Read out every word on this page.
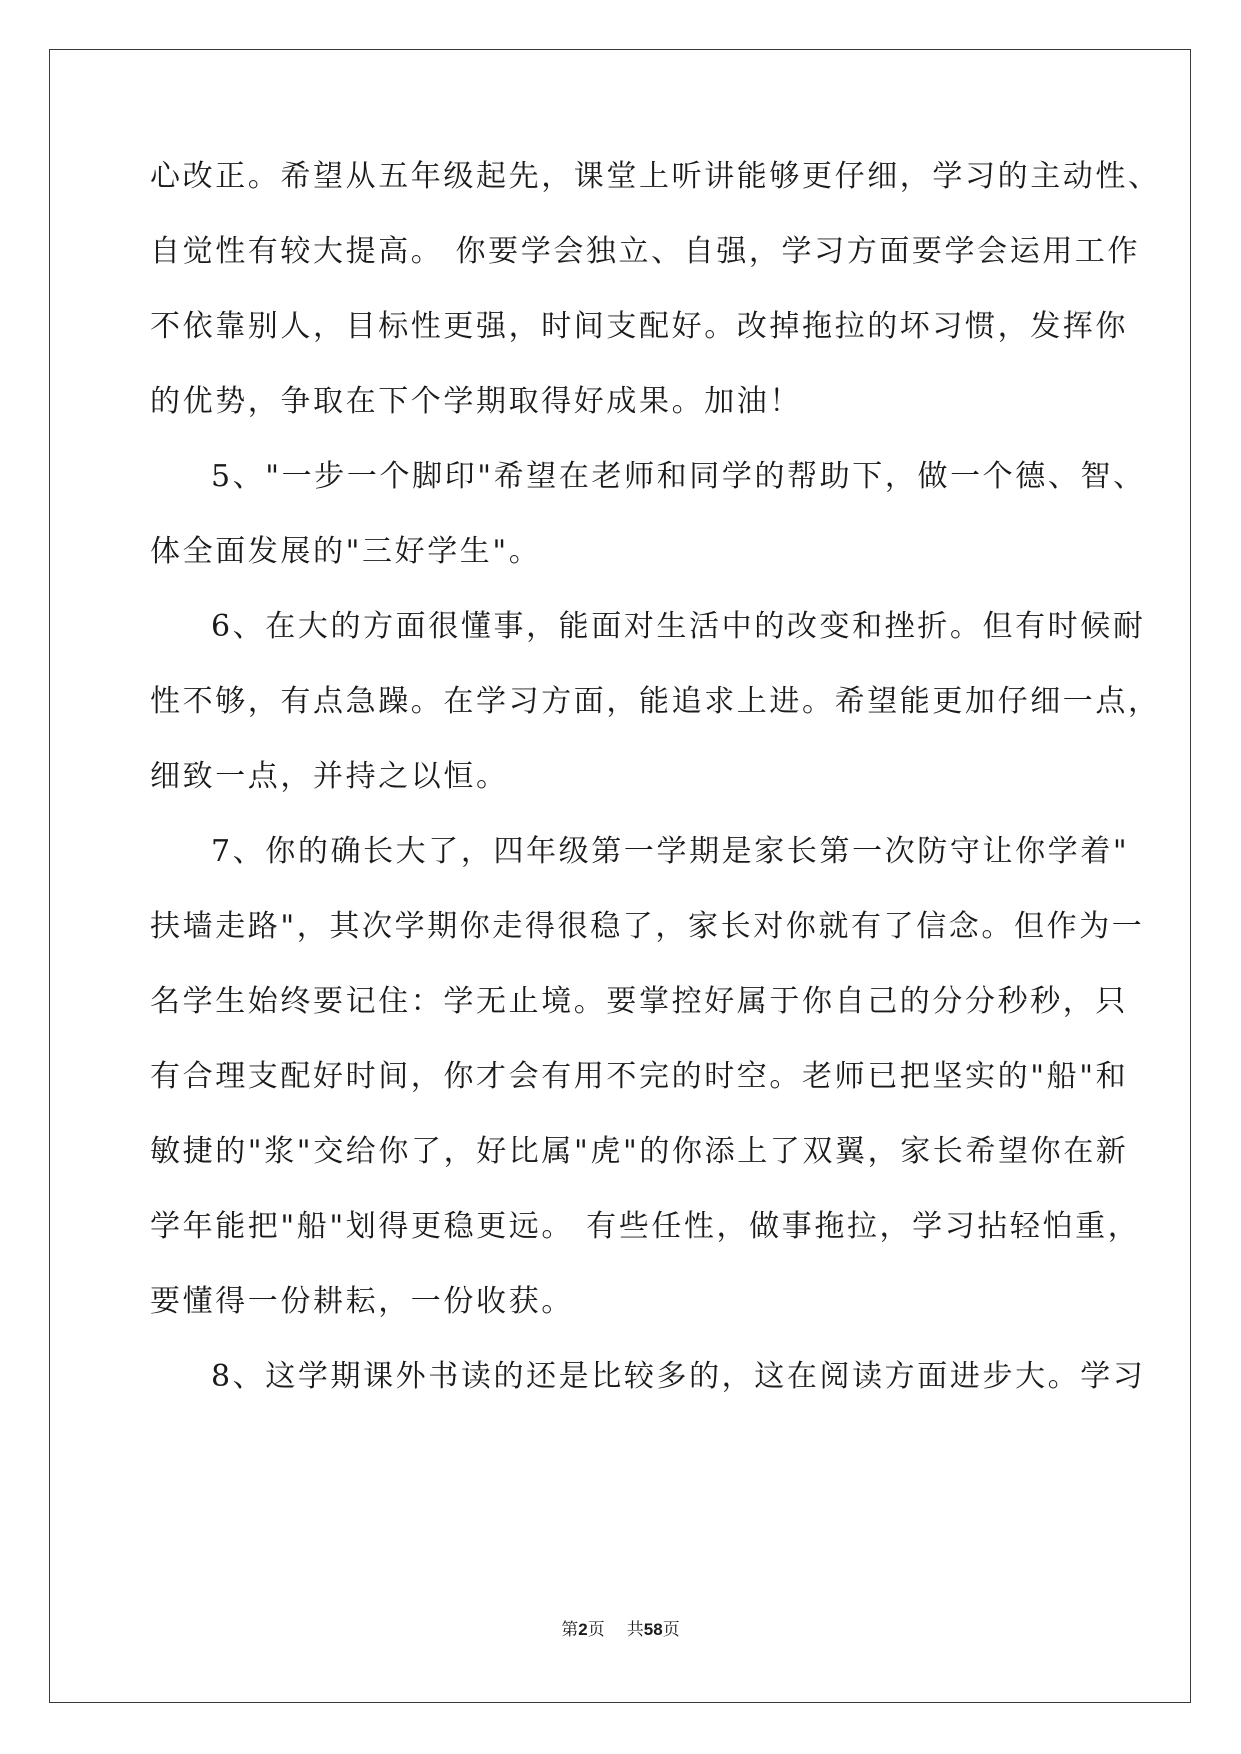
心改正。希望从五年级起先，课堂上听讲能够更仔细，学习的主动性、
自觉性有较大提高。 你要学会独立、自强，学习方面要学会运用工作
不依靠别人，目标性更强，时间支配好。改掉拖拉的坏习惯，发挥你
的优势，争取在下个学期取得好成果。加油！
5、"一步一个脚印"希望在老师和同学的帮助下，做一个德、智、
体全面发展的"三好学生"。
6、在大的方面很懂事，能面对生活中的改变和挫折。但有时候耐
性不够，有点急躁。在学习方面，能追求上进。希望能更加仔细一点，
细致一点，并持之以恒。
7、你的确长大了，四年级第一学期是家长第一次防守让你学着"
扶墙走路"，其次学期你走得很稳了，家长对你就有了信念。但作为一
名学生始终要记住：学无止境。要掌控好属于你自己的分分秒秒，只
有合理支配好时间，你才会有用不完的时空。老师已把坚实的"船"和
敏捷的"浆"交给你了，好比属"虎"的你添上了双翼，家长希望你在新
学年能把"船"划得更稳更远。 有些任性，做事拖拉，学习拈轻怕重，
要懂得一份耕耘，一份收获。
8、这学期课外书读的还是比较多的，这在阅读方面进步大。学习
第2页 共58页
